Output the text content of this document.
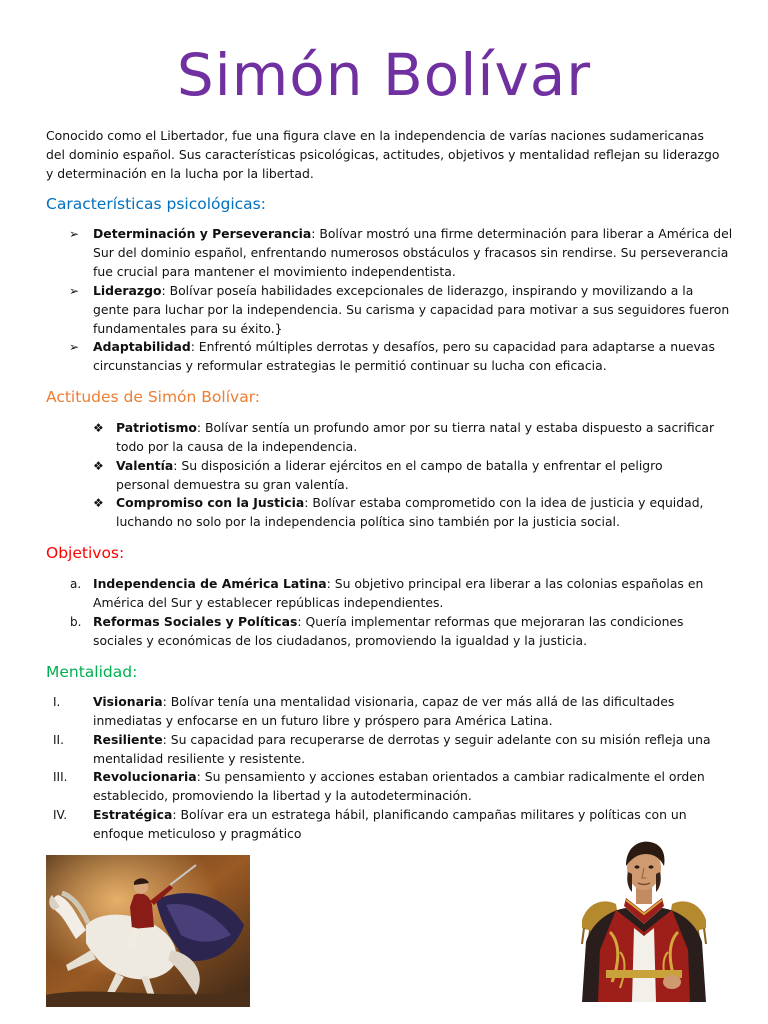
Simón Bolívar

Conocido como el Libertador, fue una figura clave en la independencia de varías naciones sudamericanas del dominio español. Sus características psicológicas, actitudes, objetivos y mentalidad reflejan su liderazgo y determinación en la lucha por la libertad.

Características psicológicas:
➢ Determinación y Perseverancia: Bolívar mostró una firme determinación para liberar a América del Sur del dominio español, enfrentando numerosos obstáculos y fracasos sin rendirse. Su perseverancia fue crucial para mantener el movimiento independentista.
➢ Liderazgo: Bolívar poseía habilidades excepcionales de liderazgo, inspirando y movilizando a la gente para luchar por la independencia. Su carisma y capacidad para motivar a sus seguidores fueron fundamentales para su éxito.}
➢ Adaptabilidad: Enfrentó múltiples derrotas y desafíos, pero su capacidad para adaptarse a nuevas circunstancias y reformular estrategias le permitió continuar su lucha con eficacia.
Actitudes de Simón Bolívar:
❖ Patriotismo: Bolívar sentía un profundo amor por su tierra natal y estaba dispuesto a sacrificar todo por la causa de la independencia.
❖ Valentía: Su disposición a liderar ejércitos en el campo de batalla y enfrentar el peligro personal demuestra su gran valentía.
❖ Compromiso con la Justicia: Bolívar estaba comprometido con la idea de justicia y equidad, luchando no solo por la independencia política sino también por la justicia social.
Objetivos:
a. Independencia de América Latina: Su objetivo principal era liberar a las colonias españolas en América del Sur y establecer repúblicas independientes.
b. Reformas Sociales y Políticas: Quería implementar reformas que mejoraran las condiciones sociales y económicas de los ciudadanos, promoviendo la igualdad y la justicia.
Mentalidad:
I.	Visionaria: Bolívar tenía una mentalidad visionaria, capaz de ver más allá de las dificultades inmediatas y enfocarse en un futuro libre y próspero para América Latina.
II.	Resiliente: Su capacidad para recuperarse de derrotas y seguir adelante con su misión refleja una mentalidad resiliente y resistente.
III.	Revolucionaria: Su pensamiento y acciones estaban orientados a cambiar radicalmente el orden establecido, promoviendo la libertad y la autodeterminación.
IV.	Estratégica: Bolívar era un estratega hábil, planificando campañas militares y políticas con un enfoque meticuloso y pragmático
